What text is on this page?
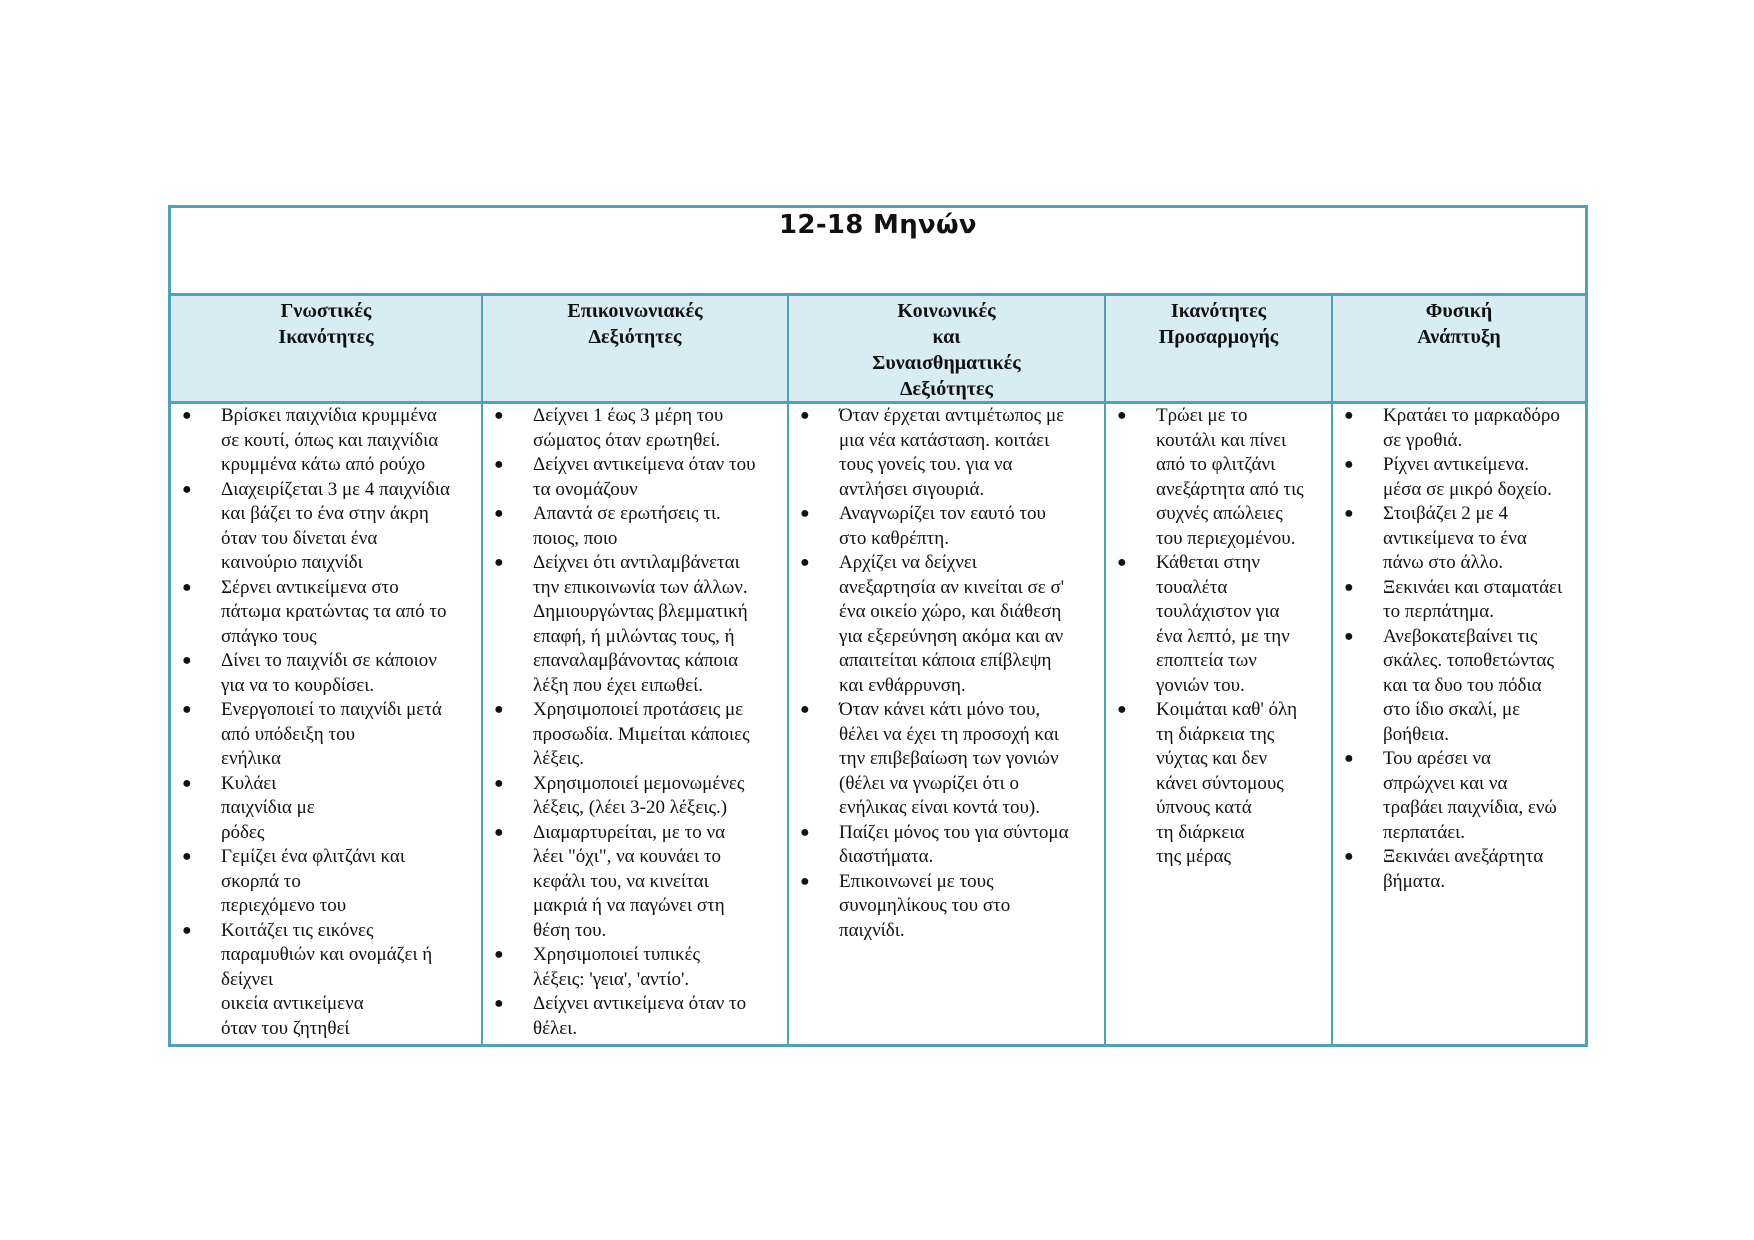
12-18 Μηνών
Γνωστικές
Ικανότητες
● Βρίσκει παιχνίδια κρυμμένα
σε κουτί, όπως και παιχνίδια
κρυμμένα κάτω από ρούχο
● Διαχειρίζεται 3 με 4 παιχνίδια
και βάζει το ένα στην άκρη
όταν του δίνεται ένα
καινούριο παιχνίδι
● Σέρνει αντικείμενα στο
πάτωμα κρατώντας τα από το
σπάγκο τους
● Δίνει το παιχνίδι σε κάποιον
για να το κουρδίσει.
● Ενεργοποιεί το παιχνίδι μετά
από υπόδειξη του
ενήλικα
● Κυλάει
παιχνίδια με
ρόδες
● Γεμίζει ένα φλιτζάνι και
σκορπά το
περιεχόμενο του
● Κοιτάζει τις εικόνες
παραμυθιών και ονομάζει ή
δείχνει
οικεία αντικείμενα
όταν του ζητηθεί
Επικοινωνιακές
Δεξιότητες
● Δείχνει 1 έως 3 μέρη του
σώματος όταν ερωτηθεί.
● Δείχνει αντικείμενα όταν του
τα ονομάζουν
● Απαντά σε ερωτήσεις τι.
ποιος, ποιο
● Δείχνει ότι αντιλαμβάνεται
την επικοινωνία των άλλων.
Δημιουργώντας βλεμματική
επαφή, ή μιλώντας τους, ή
επαναλαμβάνοντας κάποια
λέξη που έχει ειπωθεί.
● Χρησιμοποιεί προτάσεις με
προσωδία. Μιμείται κάποιες
λέξεις.
● Χρησιμοποιεί μεμονωμένες
λέξεις, (λέει 3-20 λέξεις.)
● Διαμαρτυρείται, με το να
λέει "όχι", να κουνάει το
κεφάλι του, να κινείται
μακριά ή να παγώνει στη
θέση του.
● Χρησιμοποιεί τυπικές
λέξεις: 'γεια', 'αντίο'.
● Δείχνει αντικείμενα όταν το
θέλει.
Κοινωνικές
και
Συναισθηματικές
Δεξιότητες
● Όταν έρχεται αντιμέτωπος με
μια νέα κατάσταση. κοιτάει
τους γονείς του. για να
αντλήσει σιγουριά.
● Αναγνωρίζει τον εαυτό του
στο καθρέπτη.
● Αρχίζει να δείχνει
ανεξαρτησία αν κινείται σε σ'
ένα οικείο χώρο, και διάθεση
για εξερεύνηση ακόμα και αν
απαιτείται κάποια επίβλεψη
και ενθάρρυνση.
● Όταν κάνει κάτι μόνο του,
θέλει να έχει τη προσοχή και
την επιβεβαίωση των γονιών
(θέλει να γνωρίζει ότι ο
ενήλικας είναι κοντά του).
● Παίζει μόνος του για σύντομα
διαστήματα.
● Επικοινωνεί με τους
συνομηλίκους του στο
παιχνίδι.
Ικανότητες
Προσαρμογής
● Τρώει με το
κουτάλι και πίνει
από το φλιτζάνι
ανεξάρτητα από τις
συχνές απώλειες
του περιεχομένου.
● Κάθεται στην
τουαλέτα
τουλάχιστον για
ένα λεπτό, με την
εποπτεία των
γονιών του.
● Κοιμάται καθ' όλη
τη διάρκεια της
νύχτας και δεν
κάνει σύντομους
ύπνους κατά
τη διάρκεια
της μέρας
Φυσική
Ανάπτυξη
● Κρατάει το μαρκαδόρο
σε γροθιά.
● Ρίχνει αντικείμενα.
μέσα σε μικρό δοχείο.
● Στοιβάζει 2 με 4
αντικείμενα το ένα
πάνω στο άλλο.
● Ξεκινάει και σταματάει
το περπάτημα.
● Ανεβοκατεβαίνει τις
σκάλες. τοποθετώντας
και τα δυο του πόδια
στο ίδιο σκαλί, με
βοήθεια.
● Του αρέσει να
σπρώχνει και να
τραβάει παιχνίδια, ενώ
περπατάει.
● Ξεκινάει ανεξάρτητα
βήματα.
